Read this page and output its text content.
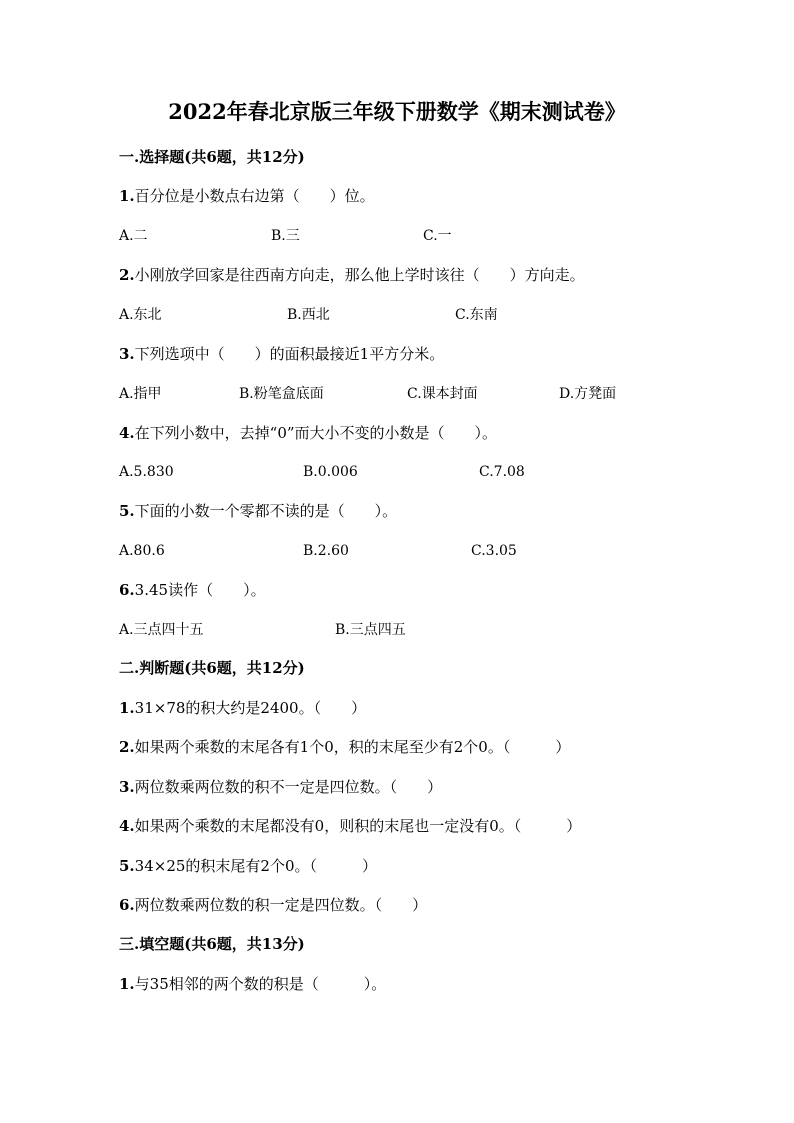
2022年春北京版三年级下册数学《期末测试卷》
一.选择题(共6题，共12分)
1.百分位是小数点右边第（　　）位。
A.二	B.三	C.一
2.小刚放学回家是往西南方向走，那么他上学时该往（　　）方向走。
A.东北	B.西北	C.东南
3.下列选项中（　　）的面积最接近1平方分米。
A.指甲	B.粉笔盒底面	C.课本封面	D.方凳面
4.在下列小数中，去掉“0”而大小不变的小数是（　　）。
A.5.830	B.0.006	C.7.08
5.下面的小数一个零都不读的是（　　）。
A.80.6	B.2.60	C.3.05
6.3.45读作（　　）。
A.三点四十五	B.三点四五
二.判断题(共6题，共12分)
1.31×78的积大约是2400。（　　）
2.如果两个乘数的末尾各有1个0，积的末尾至少有2个0。（　　　）
3.两位数乘两位数的积不一定是四位数。（　　）
4.如果两个乘数的末尾都没有0，则积的末尾也一定没有0。（　　　）
5.34×25的积末尾有2个0。（　　　）
6.两位数乘两位数的积一定是四位数。（　　）
三.填空题(共6题，共13分)
1.与35相邻的两个数的积是（　　　）。
